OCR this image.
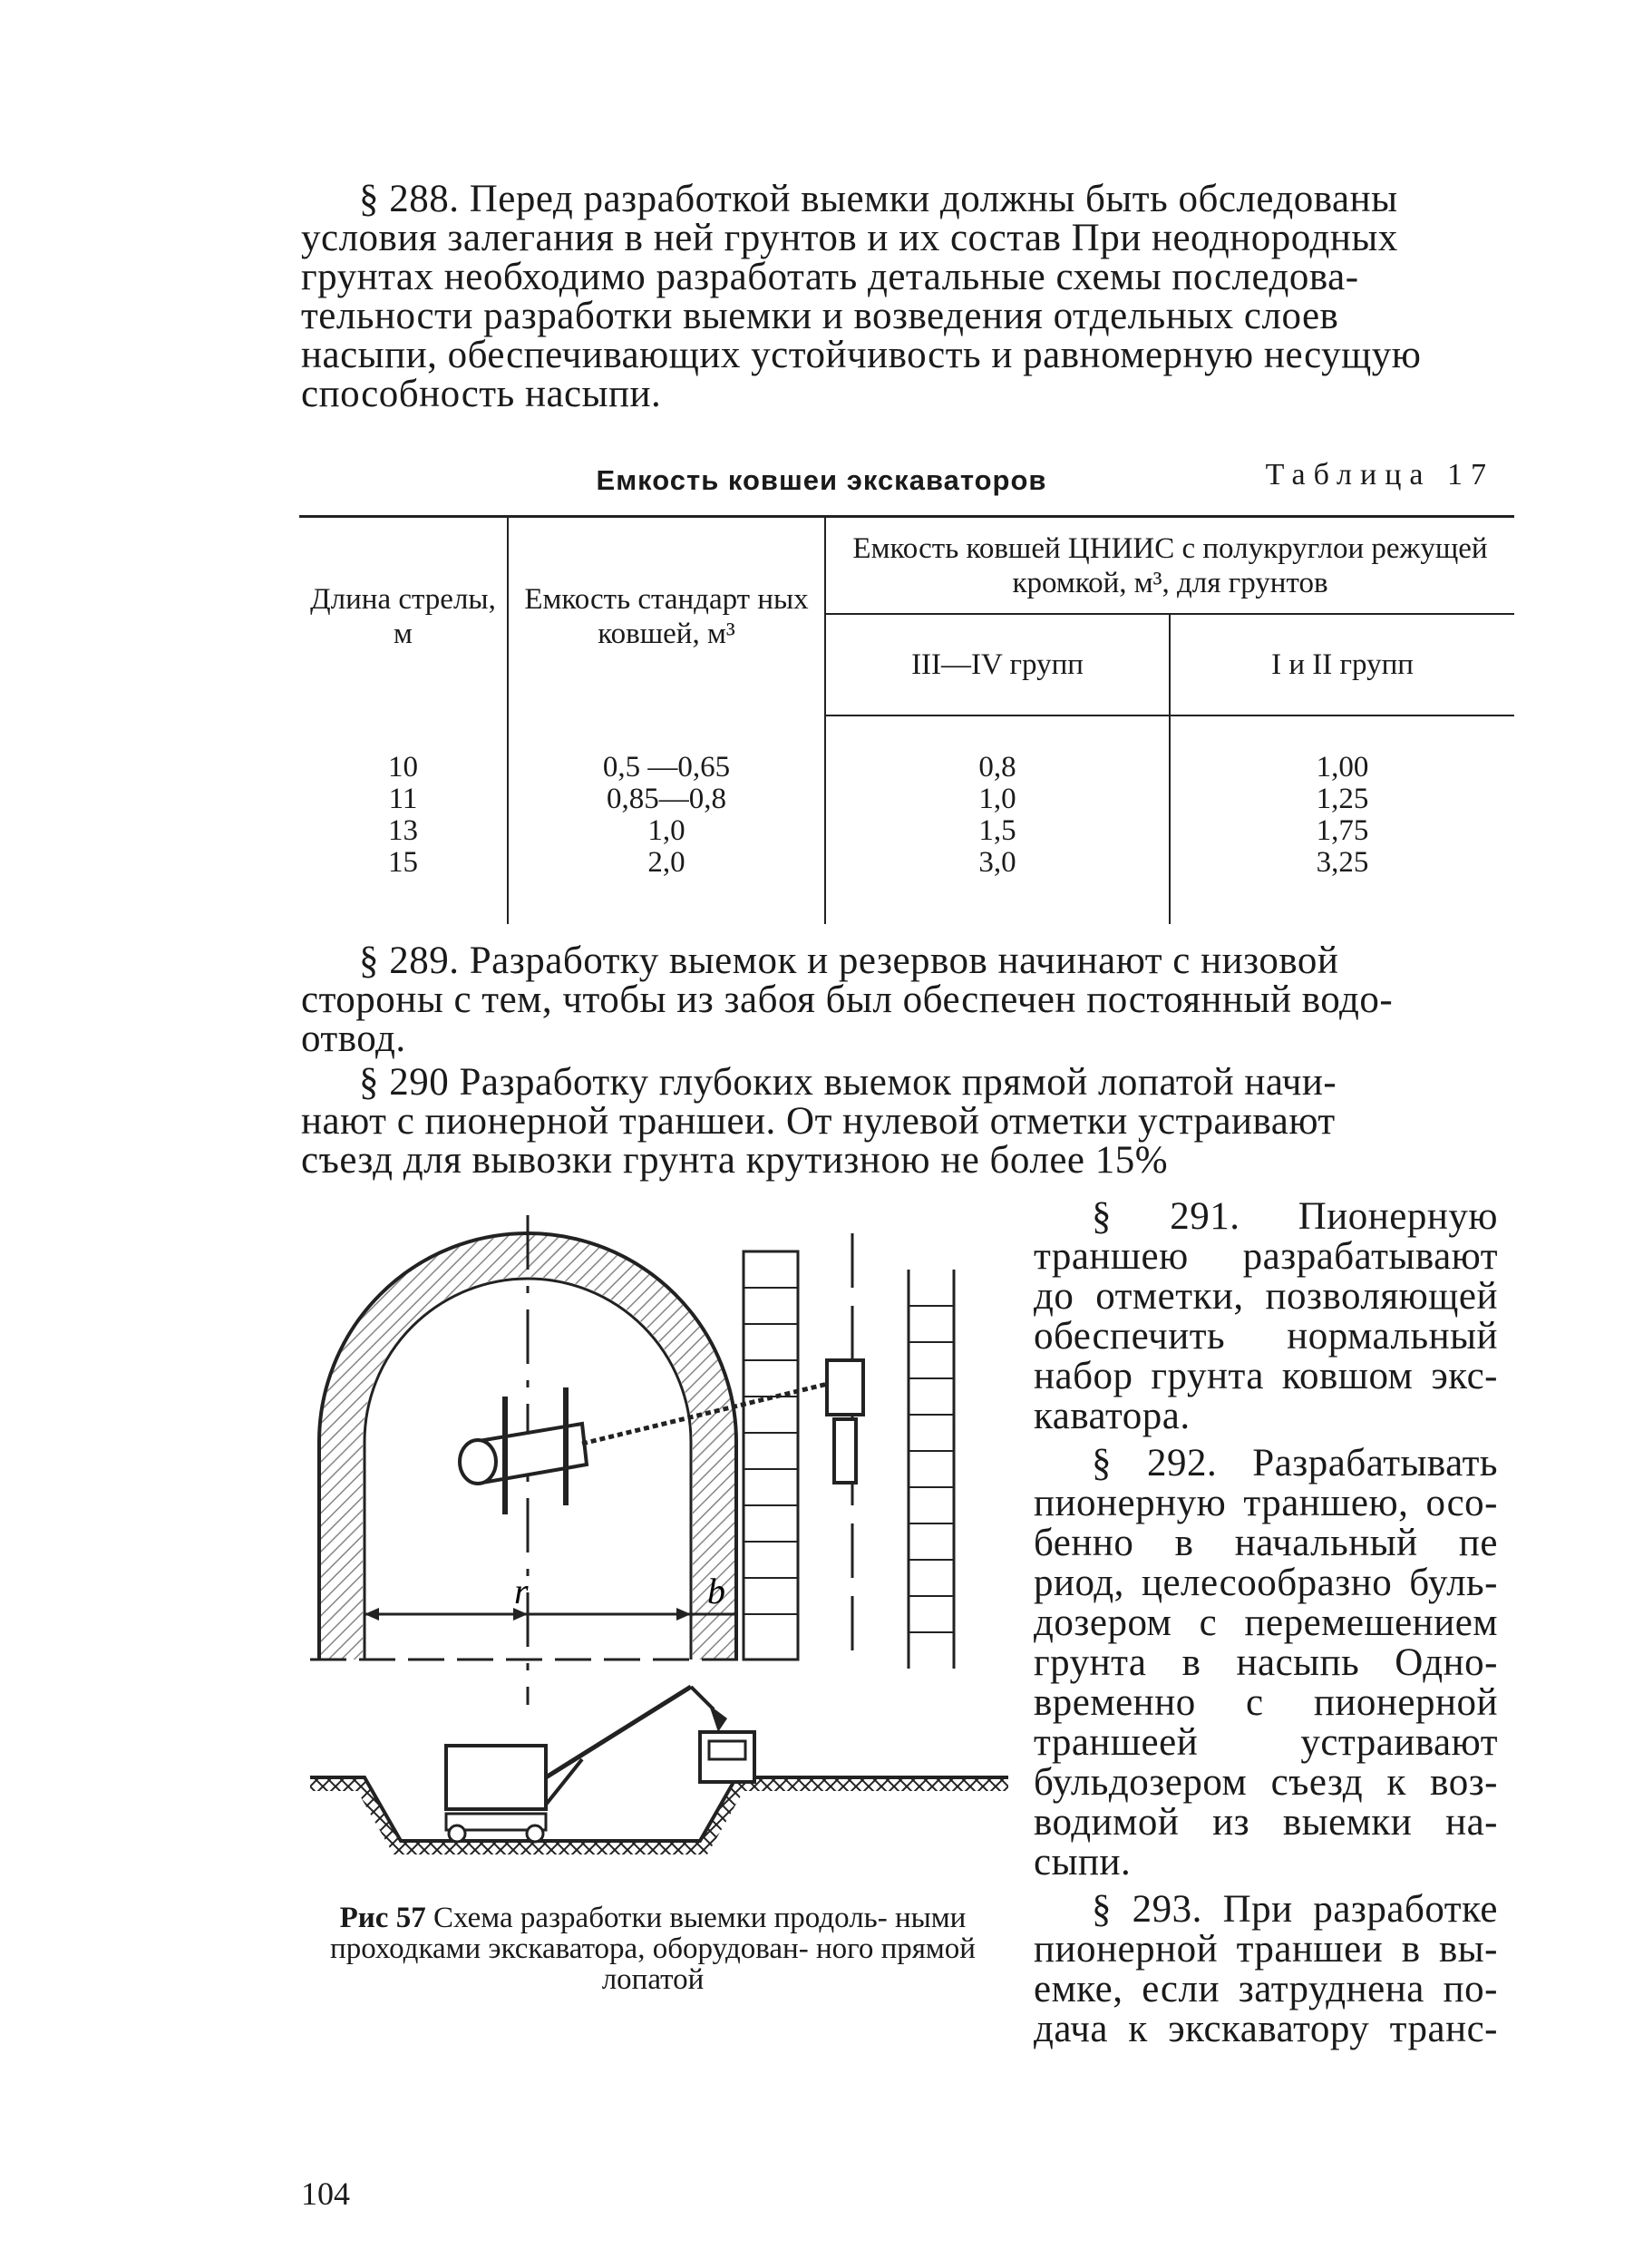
§ 288. Перед разработкой выемки должны быть обследованы
условия залегания в ней грунтов и их состав При неоднородных
грунтах необходимо разработать детальные схемы последова-
тельности разработки выемки и возведения отдельных слоев
насыпи, обеспечивающих устойчивость и равномерную несущую
способность насыпи.

Таблица 17
Емкость ковшеи экскаваторов
Длина стрелы, м	Емкость стандарт ных ковшей, м³	Емкость ковшей ЦНИИС с полукруглои режущей кромкой, м³, для грунтов	
		III—IV групп	I и II групп

10	0,5 —0,65	0,8	1,00
11	0,85—0,8	1,0	1,25
13	1,0	1,5	1,75
15	2,0	3,0	3,25

§ 289. Разработку выемок и резервов начинают с низовой
стороны с тем, чтобы из забоя был обеспечен постоянный водо-
отвод.

§ 290 Разработку глубоких выемок прямой лопатой начи-
нают с пионерной траншеи. От нулевой отметки устраивают
съезд для вывозки грунта крутизною не более 15%

r	b
Рис 57 Схема разработки выемки продоль- ными проходками экскаватора, оборудован- ного прямой лопатой

§ 291. Пионерную
траншею разрабатывают
до отметки, позволяющей
обеспечить нормальный
набор грунта ковшом экс-
каватора.
§ 292. Разрабатывать
пионерную траншею, осо-
бенно в начальный пе
риод, целесообразно буль-
дозером с перемешением
грунта в насыпь Одно-
временно с пионерной
траншеей устраивают
бульдозером съезд к воз-
водимой из выемки на-
сыпи.
§ 293. При разработке
пионерной траншеи в вы-
емке, если затруднена по-
дача к экскаватору транс-

104
